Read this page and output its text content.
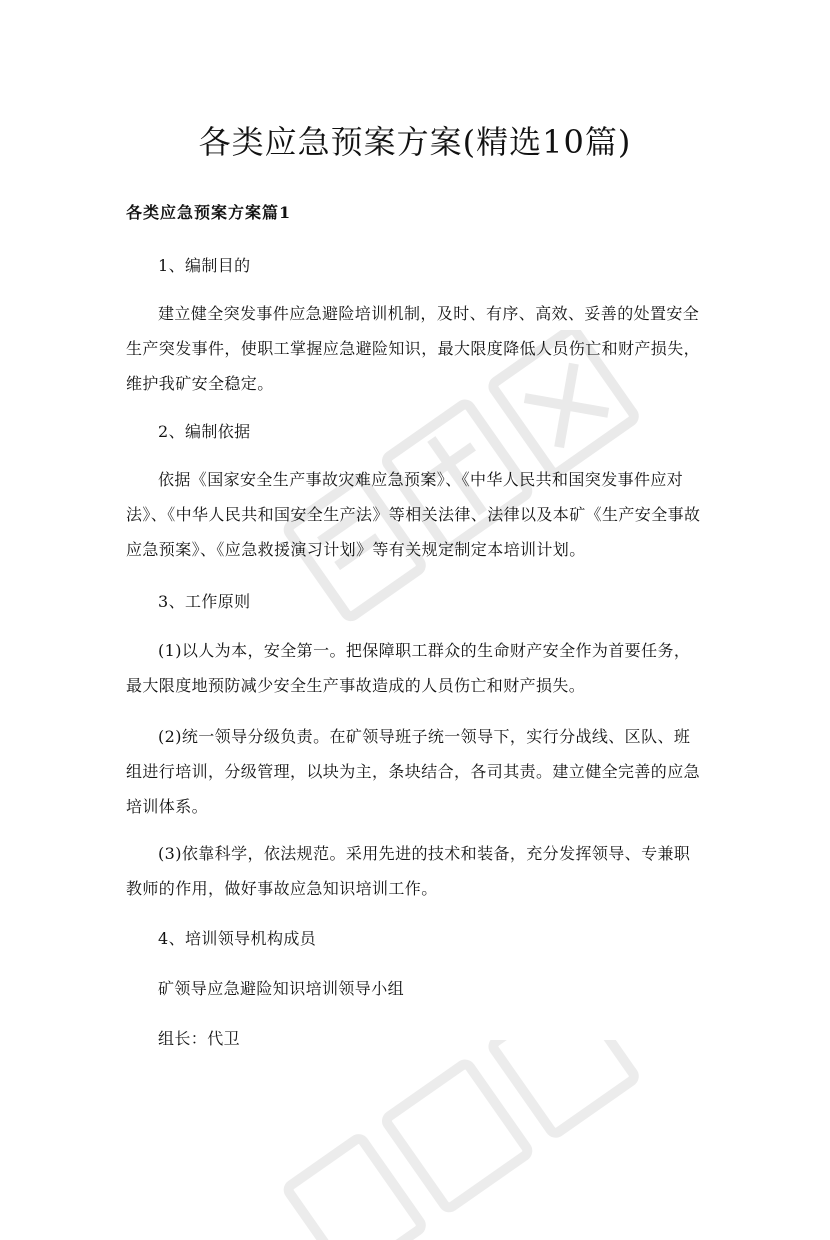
各类应急预案方案(精选10篇)
各类应急预案方案篇1

1、编制目的

建立健全突发事件应急避险培训机制，及时、有序、高效、妥善的处置安全生产突发事件，使职工掌握应急避险知识，最大限度降低人员伤亡和财产损失，维护我矿安全稳定。

2、编制依据

依据《国家安全生产事故灾难应急预案》、《中华人民共和国突发事件应对法》、《中华人民共和国安全生产法》等相关法律、法律以及本矿《生产安全事故应急预案》、《应急救援演习计划》等有关规定制定本培训计划。

3、工作原则

(1)以人为本，安全第一。把保障职工群众的生命财产安全作为首要任务，最大限度地预防减少安全生产事故造成的人员伤亡和财产损失。

(2)统一领导分级负责。在矿领导班子统一领导下，实行分战线、区队、班组进行培训，分级管理，以块为主，条块结合，各司其责。建立健全完善的应急培训体系。

(3)依靠科学，依法规范。采用先进的技术和装备，充分发挥领导、专兼职教师的作用，做好事故应急知识培训工作。

4、培训领导机构成员

矿领导应急避险知识培训领导小组

组长：代卫
